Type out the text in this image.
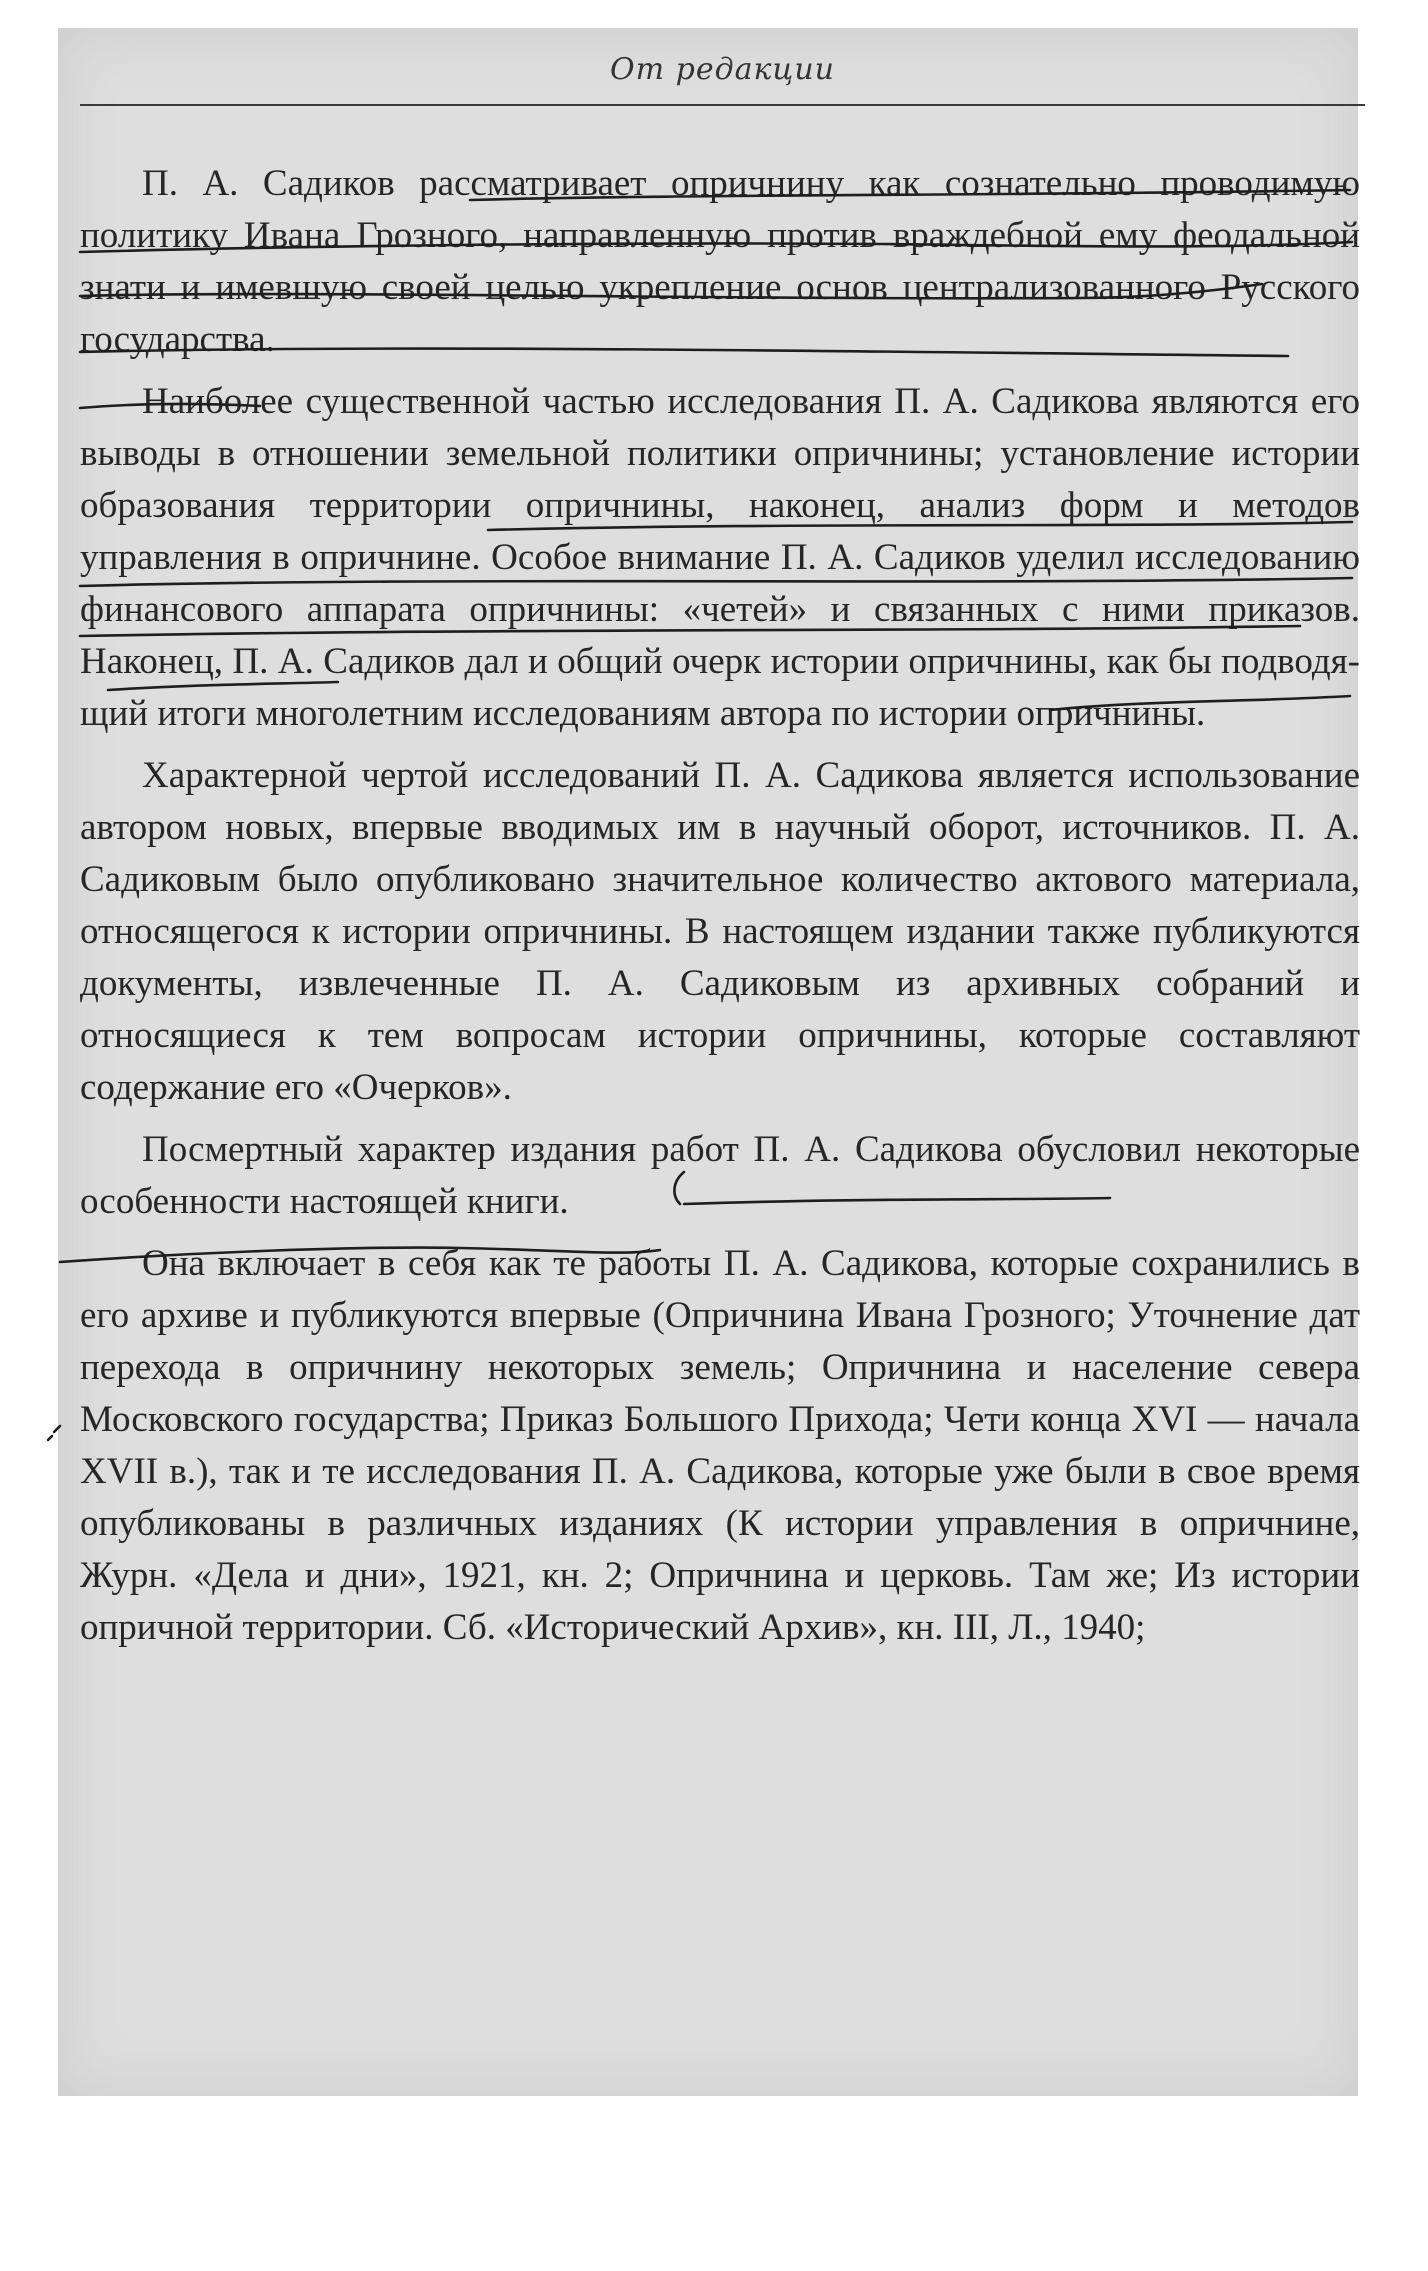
От редакции

П. А. Садиков рассматривает опричнину как сознательно проводимую политику Ивана Грозного, направленную против враждебной ему феодальной знати и имевшую своей целью укрепление основ централизованного Русского государства.

Наиболее существенной частью исследования П. А. Садикова являются его выводы в отношении земельной политики опричнины; установление истории образования территории опричнины, наконец, анализ форм и методов управления в опричнине. Особое внимание П. А. Садиков уделил исследованию финансового аппарата опричнины: «четей» и связанных с ними приказов. Наконец, П. А. Садиков дал и общий очерк истории опричнины, как бы подводящий итоги многолетним исследованиям автора по истории опричнины.

Характерной чертой исследований П. А. Садикова является использование автором новых, впервые вводимых им в научный оборот, источников. П. А. Садиковым было опубликовано значительное количество актового материала, относящегося к истории опричнины. В настоящем издании также публикуются документы, извлеченные П. А. Садиковым из архивных собраний и относящиеся к тем вопросам истории опричнины, которые составляют содержание его «Очерков».

Посмертный характер издания работ П. А. Садикова обусловил некоторые особенности настоящей книги.

Она включает в себя как те работы П. А. Садикова, которые сохранились в его архиве и публикуются впервые (Опричнина Ивана Грозного; Уточнение дат перехода в опричнину некоторых земель; Опричнина и население севера Московского государства; Приказ Большого Прихода; Чети конца XVI — начала XVII в.), так и те исследования П. А. Садикова, которые уже были в свое время опубликованы в различных изданиях (К истории управления в опричнине, Журн. «Дела и дни», 1921, кн. 2; Опричнина и церковь. Там же; Из истории опричной территории. Сб. «Исторический Архив», кн. III, Л., 1940;
